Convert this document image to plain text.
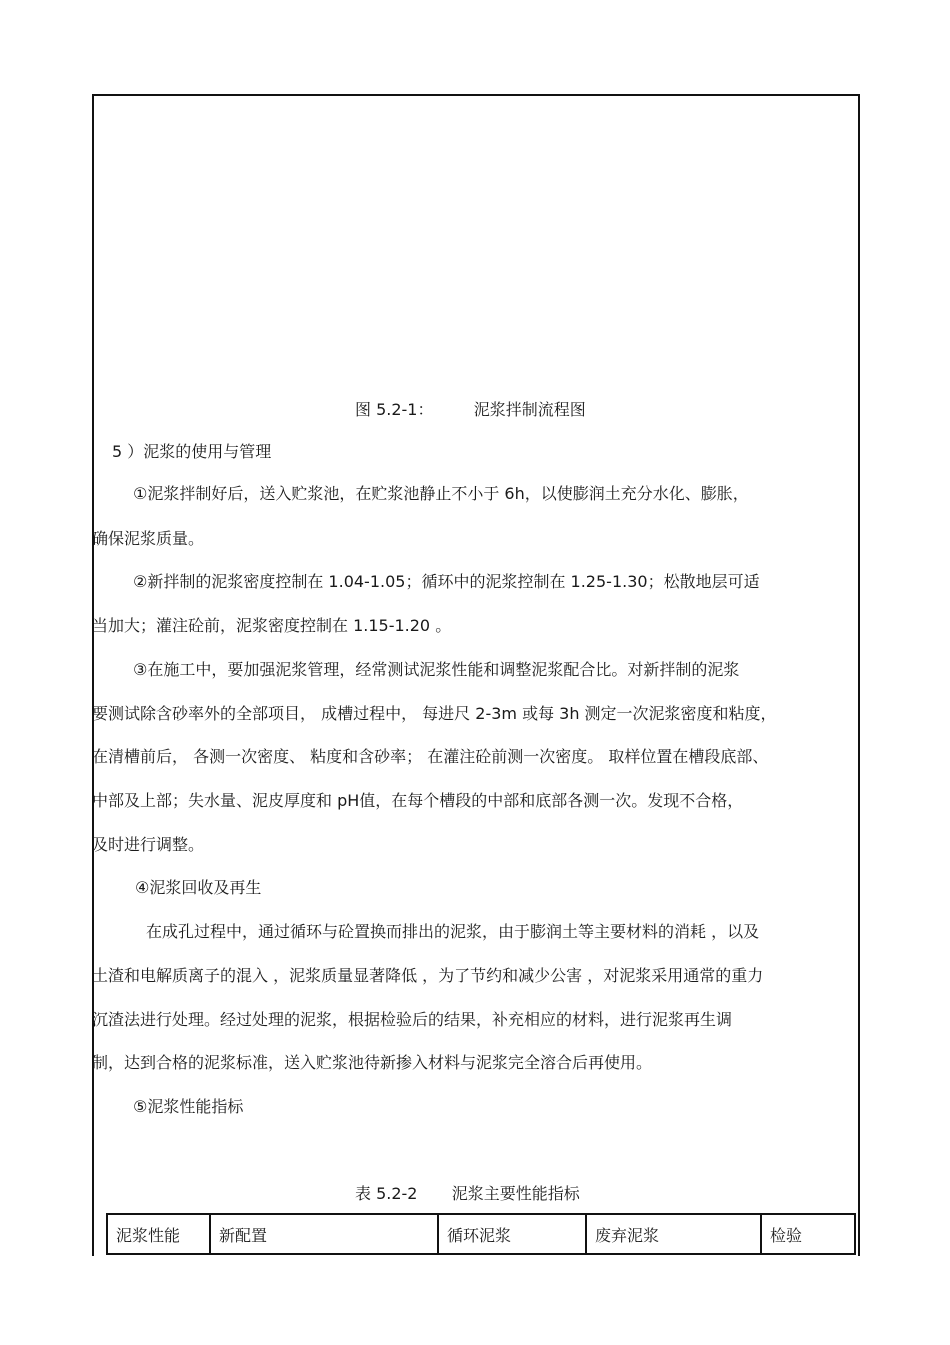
图 5.2-1：	泥浆拌制流程图
5 ）泥浆的使用与管理
①泥浆拌制好后，送入贮浆池，在贮浆池静止不小于 6h，以使膨润土充分水化、膨胀，
确保泥浆质量。
②新拌制的泥浆密度控制在 1.04-1.05；循环中的泥浆控制在 1.25-1.30；松散地层可适
当加大；灌注砼前，泥浆密度控制在 1.15-1.20 。
③在施工中，要加强泥浆管理，经常测试泥浆性能和调整泥浆配合比。对新拌制的泥浆
要测试除含砂率外的全部项目， 成槽过程中， 每进尺 2-3m 或每 3h 测定一次泥浆密度和粘度，
在清槽前后， 各测一次密度、 粘度和含砂率； 在灌注砼前测一次密度。 取样位置在槽段底部、
中部及上部；失水量、泥皮厚度和 pH值，在每个槽段的中部和底部各测一次。发现不合格，
及时进行调整。
④泥浆回收及再生
在成孔过程中，通过循环与砼置换而排出的泥浆，由于膨润土等主要材料的消耗 ，以及
土渣和电解质离子的混入 ，泥浆质量显著降低 ，为了节约和减少公害 ，对泥浆采用通常的重力
沉渣法进行处理。经过处理的泥浆，根据检验后的结果，补充相应的材料，进行泥浆再生调
制，达到合格的泥浆标准，送入贮浆池待新掺入材料与泥浆完全溶合后再使用。
⑤泥浆性能指标
表 5.2-2 泥浆主要性能指标
泥浆性能	新配置	循环泥浆	废弃泥浆	检验
